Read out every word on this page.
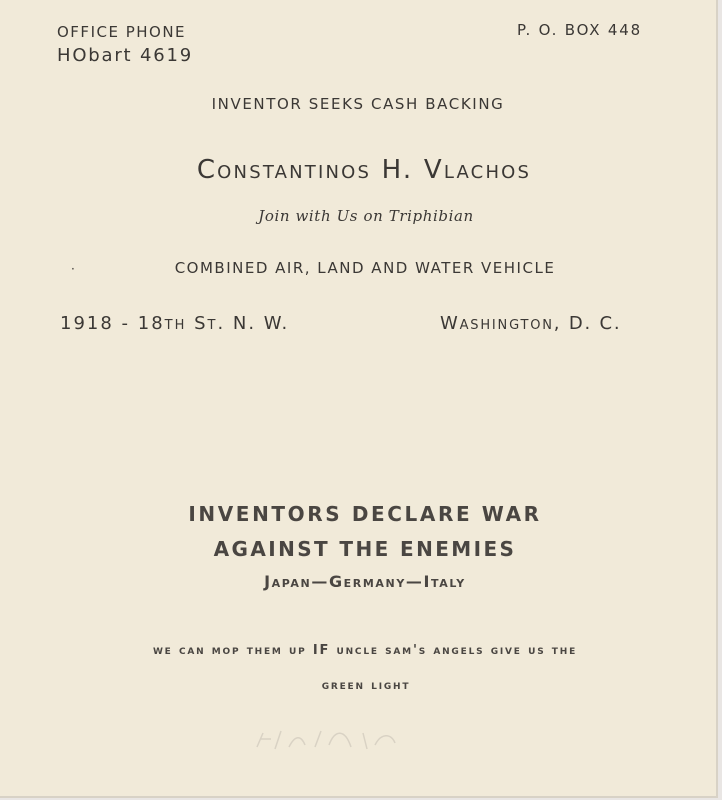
OFFICE PHONE
HObart 4619
P. O. BOX 448
INVENTOR SEEKS CASH BACKING
Constantinos H. Vlachos
Join with Us on Triphibian
·	COMBINED AIR, LAND AND WATER VEHICLE
1918 - 18th St. N. W.	Washington, D. C.
INVENTORS DECLARE WAR
AGAINST THE ENEMIES
Japan—Germany—Italy
we can mop them up IF uncle sam's angels give us the
green light
